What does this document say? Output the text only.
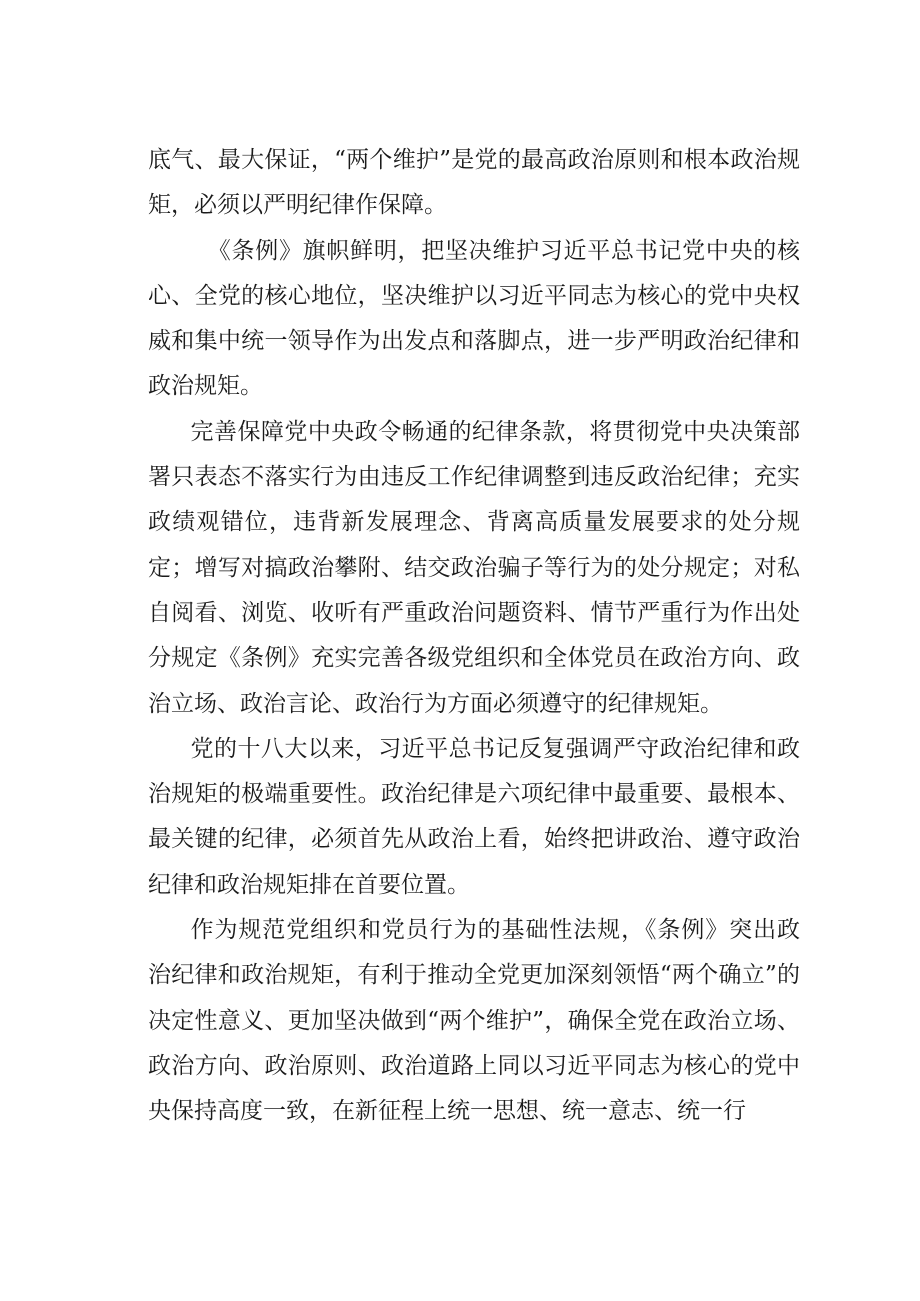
底气、最大保证，“两个维护”是党的最高政治原则和根本政治规矩，必须以严明纪律作保障。

《条例》旗帜鲜明，把坚决维护习近平总书记党中央的核心、全党的核心地位，坚决维护以习近平同志为核心的党中央权威和集中统一领导作为出发点和落脚点，进一步严明政治纪律和政治规矩。

完善保障党中央政令畅通的纪律条款，将贯彻党中央决策部署只表态不落实行为由违反工作纪律调整到违反政治纪律；充实政绩观错位，违背新发展理念、背离高质量发展要求的处分规定；增写对搞政治攀附、结交政治骗子等行为的处分规定；对私自阅看、浏览、收听有严重政治问题资料、情节严重行为作出处分规定《条例》充实完善各级党组织和全体党员在政治方向、政治立场、政治言论、政治行为方面必须遵守的纪律规矩。

党的十八大以来，习近平总书记反复强调严守政治纪律和政治规矩的极端重要性。政治纪律是六项纪律中最重要、最根本、最关键的纪律，必须首先从政治上看，始终把讲政治、遵守政治纪律和政治规矩排在首要位置。

作为规范党组织和党员行为的基础性法规，《条例》突出政治纪律和政治规矩，有利于推动全党更加深刻领悟“两个确立”的决定性意义、更加坚决做到“两个维护”，确保全党在政治立场、政治方向、政治原则、政治道路上同以习近平同志为核心的党中央保持高度一致，在新征程上统一思想、统一意志、统一行
